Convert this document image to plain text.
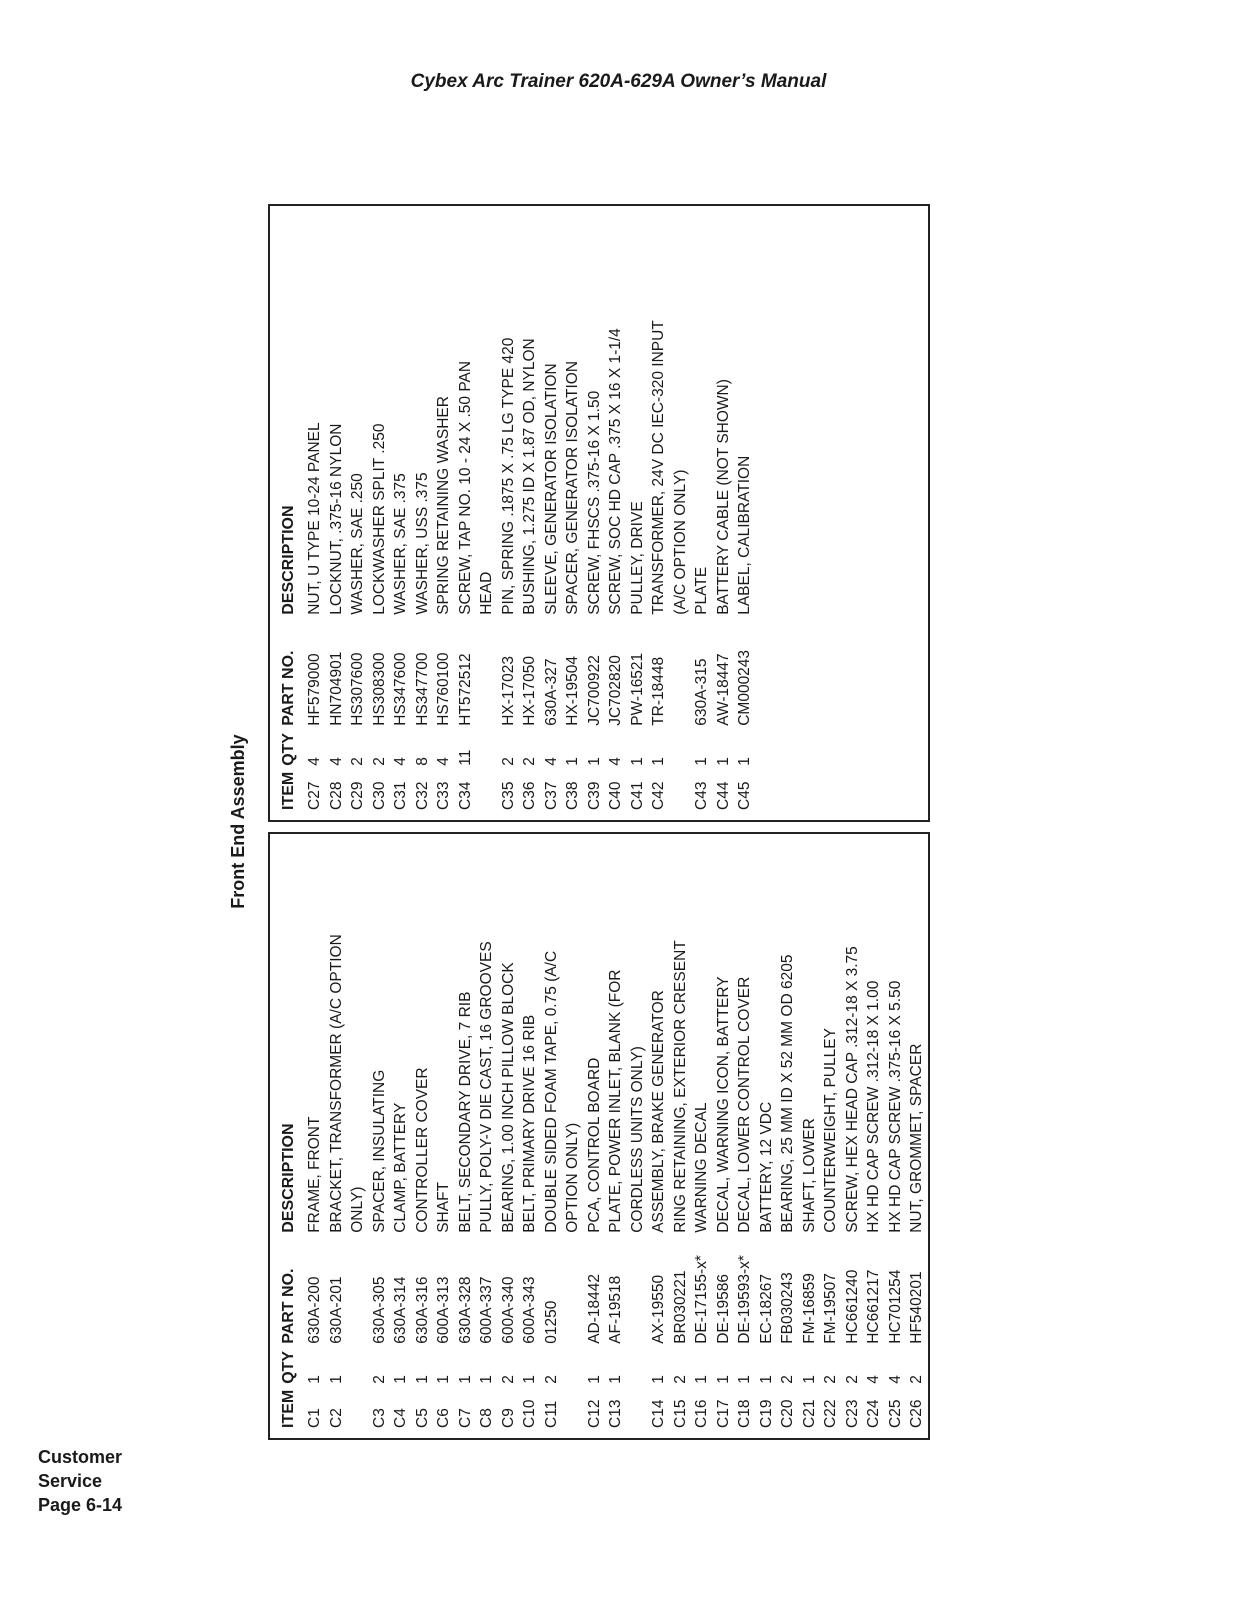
Cybex Arc Trainer 620A-629A Owner’s Manual
Front End Assembly
ITEM	QTY	PART NO.	DESCRIPTION
C1	1	630A-200	FRAME, FRONT
C2	1	630A-201	BRACKET, TRANSFORMER (A/C OPTION
			ONLY)
C3	2	630A-305	SPACER, INSULATING
C4	1	630A-314	CLAMP, BATTERY
C5	1	630A-316	CONTROLLER COVER
C6	1	600A-313	SHAFT
C7	1	630A-328	BELT, SECONDARY DRIVE, 7 RIB
C8	1	600A-337	PULLY, POLY-V DIE CAST, 16 GROOVES
C9	2	600A-340	BEARING, 1.00 INCH PILLOW BLOCK
C10	1	600A-343	BELT, PRIMARY DRIVE 16 RIB
C11	2	01250	DOUBLE SIDED FOAM TAPE, 0.75 (A/C
			OPTION ONLY)
C12	1	AD-18442	PCA, CONTROL BOARD
C13	1	AF-19518	PLATE, POWER INLET, BLANK (FOR
			CORDLESS UNITS ONLY)
C14	1	AX-19550	ASSEMBLY, BRAKE GENERATOR
C15	2	BR030221	RING RETAINING, EXTERIOR CRESENT
C16	1	DE-17155-x*	WARNING DECAL
C17	1	DE-19586	DECAL, WARNING ICON, BATTERY
C18	1	DE-19593-x*	DECAL, LOWER CONTROL COVER
C19	1	EC-18267	BATTERY, 12 VDC
C20	2	FB030243	BEARING, 25 MM ID X 52 MM OD 6205
C21	1	FM-16859	SHAFT, LOWER
C22	2	FM-19507	COUNTERWEIGHT, PULLEY
C23	2	HC661240	SCREW, HEX HEAD CAP .312-18 X 3.75
C24	4	HC661217	HX HD CAP SCREW .312-18 X 1.00
C25	4	HC701254	HX HD CAP SCREW .375-16 X 5.50
C26	2	HF540201	NUT, GROMMET, SPACER
ITEM	QTY	PART NO.	DESCRIPTION
C27	4	HF579000	NUT, U TYPE 10-24 PANEL
C28	4	HN704901	LOCKNUT, .375-16 NYLON
C29	2	HS307600	WASHER, SAE .250
C30	2	HS308300	LOCKWASHER SPLIT .250
C31	4	HS347600	WASHER, SAE .375
C32	8	HS347700	WASHER, USS .375
C33	4	HS760100	SPRING RETAINING WASHER
C34	11	HT572512	SCREW, TAP NO. 10 - 24 X .50 PAN
			HEAD
C35	2	HX-17023	PIN, SPRING .1875 X .75 LG TYPE 420
C36	2	HX-17050	BUSHING, 1.275 ID X 1.87 OD, NYLON
C37	4	630A-327	SLEEVE, GENERATOR ISOLATION
C38	1	HX-19504	SPACER, GENERATOR ISOLATION
C39	1	JC700922	SCREW, FHSCS .375-16 X 1.50
C40	4	JC702820	SCREW, SOC HD CAP .375 X 16 X 1-1/4
C41	1	PW-16521	PULLEY, DRIVE
C42	1	TR-18448	TRANSFORMER, 24V DC IEC-320 INPUT
			(A/C OPTION ONLY)
C43	1	630A-315	PLATE
C44	1	AW-18447	BATTERY CABLE (NOT SHOWN)
C45	1	CM000243	LABEL, CALIBRATION
Customer
Service
Page 6-14
